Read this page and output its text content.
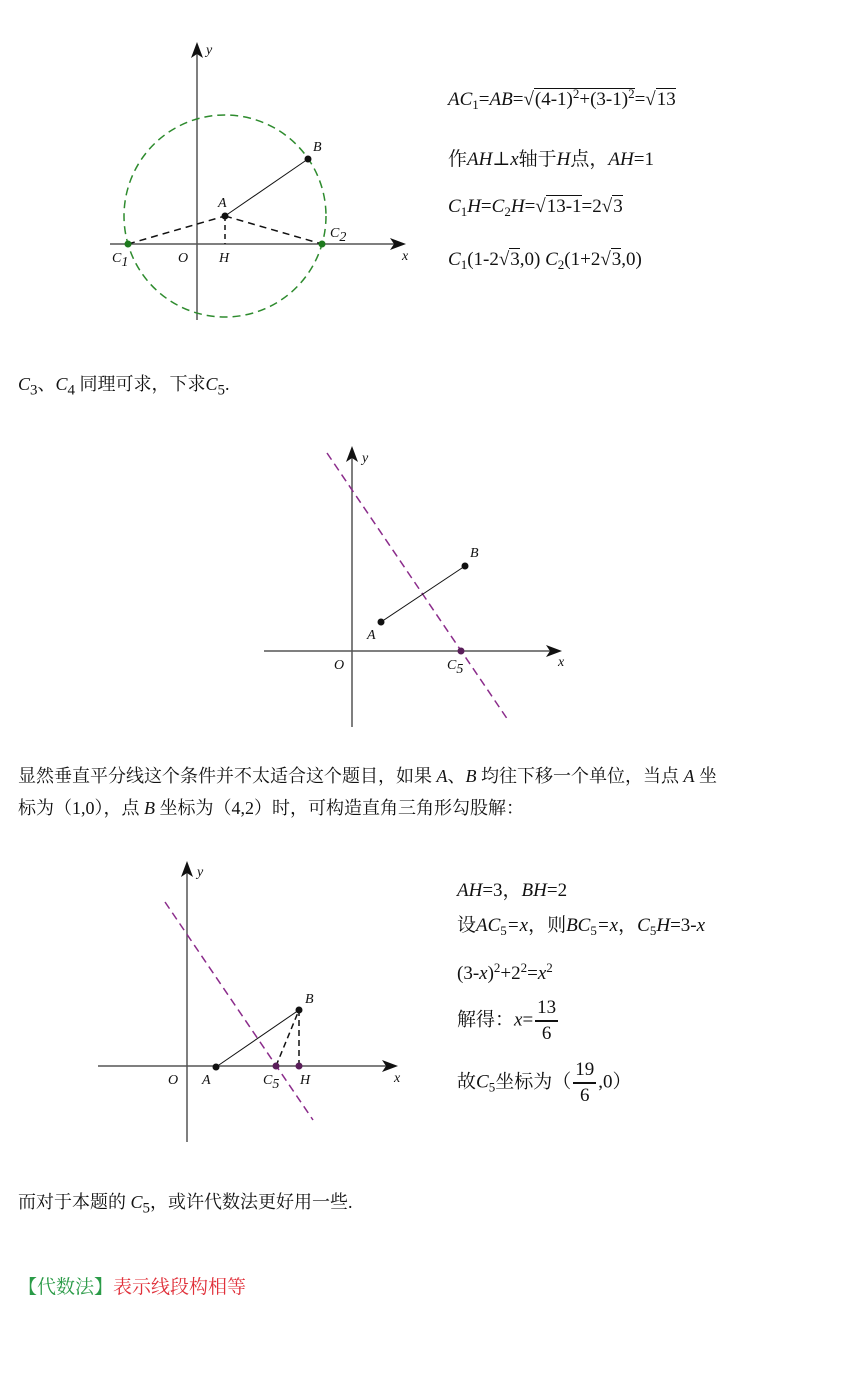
y
x
O
A
B
H
C1
C2
$AC_1=AB=√(4-1)^2+(3-1)^2=√13$
作AH⊥x轴于H点，AH=1
$C_1H=C_2H=√13-1=2√3$
$C_1(1-2√3,0)$ $C_2(1+2√3,0)$
$C_3$、$C_4$ 同理可求，下求$C_5$.
y
x
O
A
B
C5
显然垂直平分线这个条件并不太适合这个题目，如果 A、B 均往下移一个单位，当点 A 坐
标为（1,0），点 B 坐标为（4,2）时，可构造直角三角形勾股解：
y
x
O A
B
H
C5
AH=3，BH=2
设$AC_5=x$，则$BC_5=x$，$C_5H=3-x$
$(3-x)^2+2^2=x^2$
解得：$x= \frac{13}{6}$
故$C_5$坐标为（ $\frac{19}{6} ,0$）
而对于本题的 $C_5$，或许代数法更好用一些.
【代数法】表示线段构相等
